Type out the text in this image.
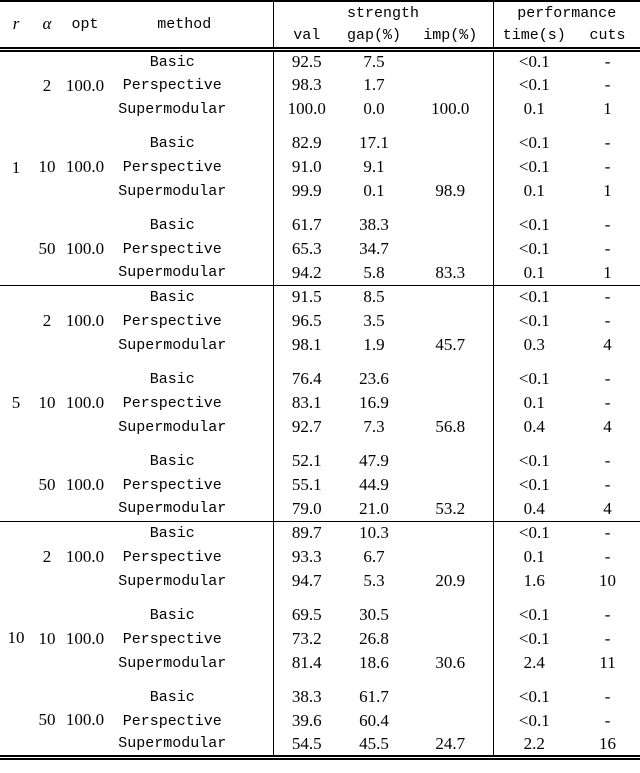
r	α	opt	method	strength			performance	
				val	gap(%)	imp(%)	time(s)	cuts
1	2	100.0	Basic	92.5	7.5		<0.1	-
			Perspective	98.3	1.7		<0.1	-
			Supermodular	100.0	0.0	100.0	0.1	1

	10	100.0	Basic	82.9	17.1		<0.1	-
			Perspective	91.0	9.1		<0.1	-
			Supermodular	99.9	0.1	98.9	0.1	1

	50	100.0	Basic	61.7	38.3		<0.1	-
			Perspective	65.3	34.7		<0.1	-
			Supermodular	94.2	5.8	83.3	0.1	1
5	2	100.0	Basic	91.5	8.5		<0.1	-
			Perspective	96.5	3.5		<0.1	-
			Supermodular	98.1	1.9	45.7	0.3	4

	10	100.0	Basic	76.4	23.6		<0.1	-
			Perspective	83.1	16.9		0.1	-
			Supermodular	92.7	7.3	56.8	0.4	4

	50	100.0	Basic	52.1	47.9		<0.1	-
			Perspective	55.1	44.9		<0.1	-
			Supermodular	79.0	21.0	53.2	0.4	4
10	2	100.0	Basic	89.7	10.3		<0.1	-
			Perspective	93.3	6.7		0.1	-
			Supermodular	94.7	5.3	20.9	1.6	10

	10	100.0	Basic	69.5	30.5		<0.1	-
			Perspective	73.2	26.8		<0.1	-
			Supermodular	81.4	18.6	30.6	2.4	11

	50	100.0	Basic	38.3	61.7		<0.1	-
			Perspective	39.6	60.4		<0.1	-
			Supermodular	54.5	45.5	24.7	2.2	16
